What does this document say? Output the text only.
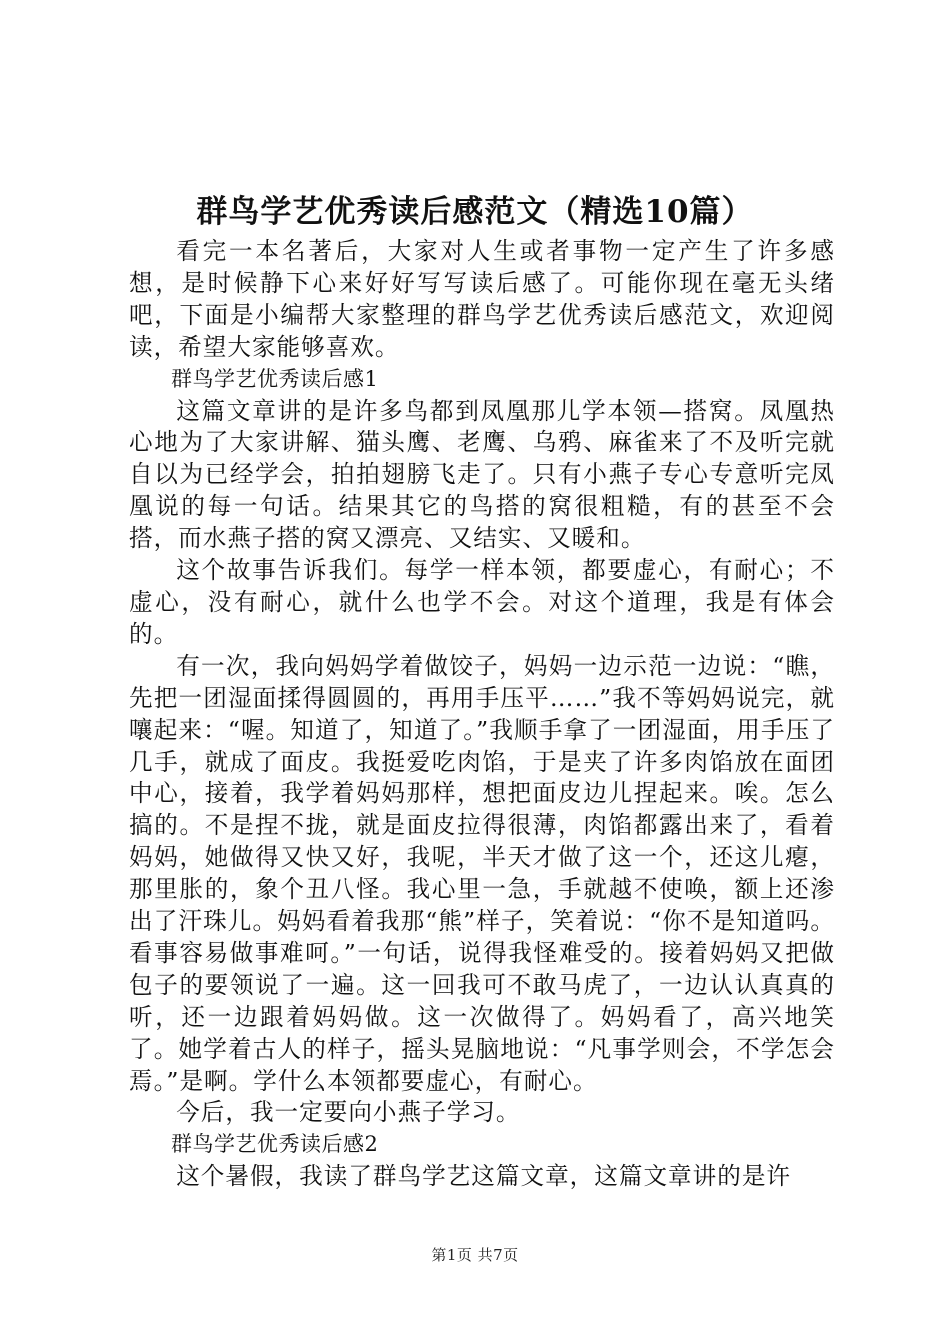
群鸟学艺优秀读后感范文（精选10篇）

看完一本名著后，大家对人生或者事物一定产生了许多感想，是时候静下心来好好写写读后感了。可能你现在毫无头绪吧，下面是小编帮大家整理的群鸟学艺优秀读后感范文，欢迎阅读，希望大家能够喜欢。

群鸟学艺优秀读后感1

这篇文章讲的是许多鸟都到凤凰那儿学本领—搭窝。凤凰热心地为了大家讲解、猫头鹰、老鹰、乌鸦、麻雀来了不及听完就自以为已经学会，拍拍翅膀飞走了。只有小燕子专心专意听完凤凰说的每一句话。结果其它的鸟搭的窝很粗糙，有的甚至不会搭，而水燕子搭的窝又漂亮、又结实、又暖和。

这个故事告诉我们。每学一样本领，都要虚心，有耐心；不虚心，没有耐心，就什么也学不会。对这个道理，我是有体会的。

有一次，我向妈妈学着做饺子，妈妈一边示范一边说：“瞧，先把一团湿面揉得圆圆的，再用手压平……”我不等妈妈说完，就嚷起来：“喔。知道了，知道了。”我顺手拿了一团湿面，用手压了几手，就成了面皮。我挺爱吃肉馅，于是夹了许多肉馅放在面团中心，接着，我学着妈妈那样，想把面皮边儿捏起来。唉。怎么搞的。不是捏不拢，就是面皮拉得很薄，肉馅都露出来了，看着妈妈，她做得又快又好，我呢，半天才做了这一个，还这儿瘪，那里胀的，象个丑八怪。我心里一急，手就越不使唤，额上还渗出了汗珠儿。妈妈看着我那“熊”样子，笑着说：“你不是知道吗。看事容易做事难呵。”一句话，说得我怪难受的。接着妈妈又把做包子的要领说了一遍。这一回我可不敢马虎了，一边认认真真的听，还一边跟着妈妈做。这一次做得了。妈妈看了，高兴地笑了。她学着古人的样子，摇头晃脑地说：“凡事学则会，不学怎会焉。”是啊。学什么本领都要虚心，有耐心。

今后，我一定要向小燕子学习。

群鸟学艺优秀读后感2

这个暑假，我读了群鸟学艺这篇文章，这篇文章讲的是许

第1页 共7页
